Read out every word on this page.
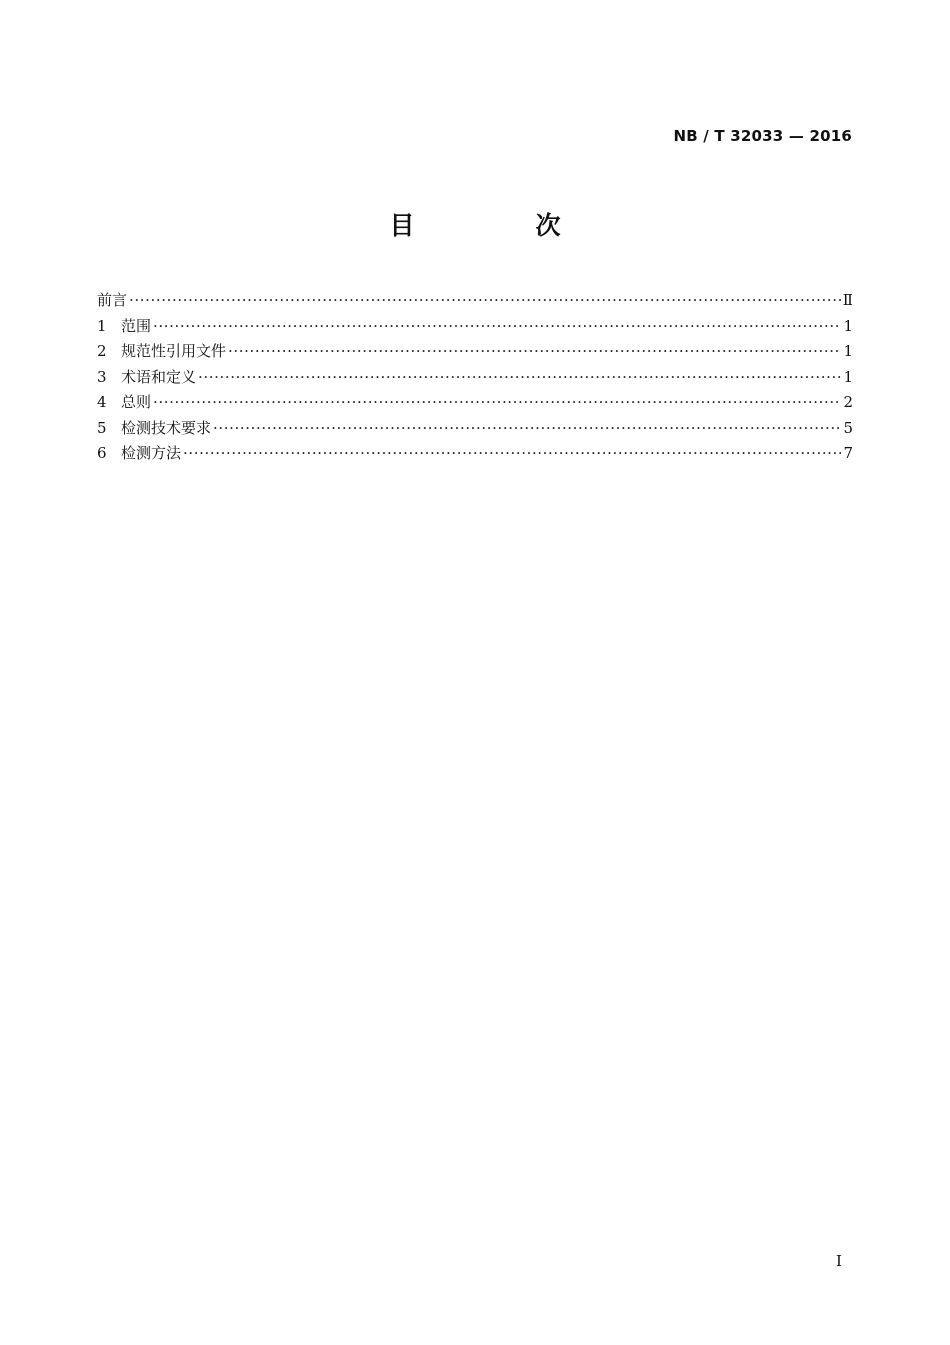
NB / T 32033 — 2016
目　次
前言 ·····	Ⅱ
1 范围 ·····	1
2 规范性引用文件 ·····	1
3 术语和定义 ·····	1
4 总则 ·····	2
5 检测技术要求 ·····	5
6 检测方法 ·····	7
I
